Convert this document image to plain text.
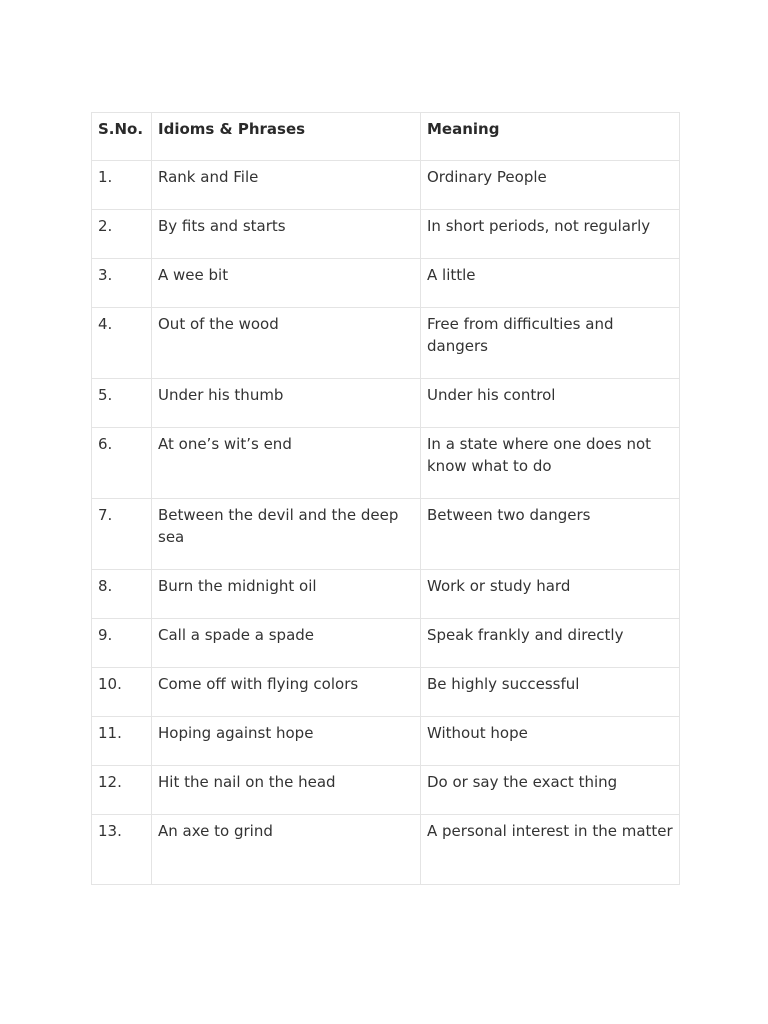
S.No.	Idioms & Phrases	Meaning
1.	Rank and File	Ordinary People
2.	By fits and starts	In short periods, not regularly
3.	A wee bit	A little
4.	Out of the wood	Free from difficulties and dangers
5.	Under his thumb	Under his control
6.	At one’s wit’s end	In a state where one does not know what to do
7.	Between the devil and the deep sea	Between two dangers
8.	Burn the midnight oil	Work or study hard
9.	Call a spade a spade	Speak frankly and directly
10.	Come off with flying colors	Be highly successful
11.	Hoping against hope	Without hope
12.	Hit the nail on the head	Do or say the exact thing
13.	An axe to grind	A personal interest in the matter
